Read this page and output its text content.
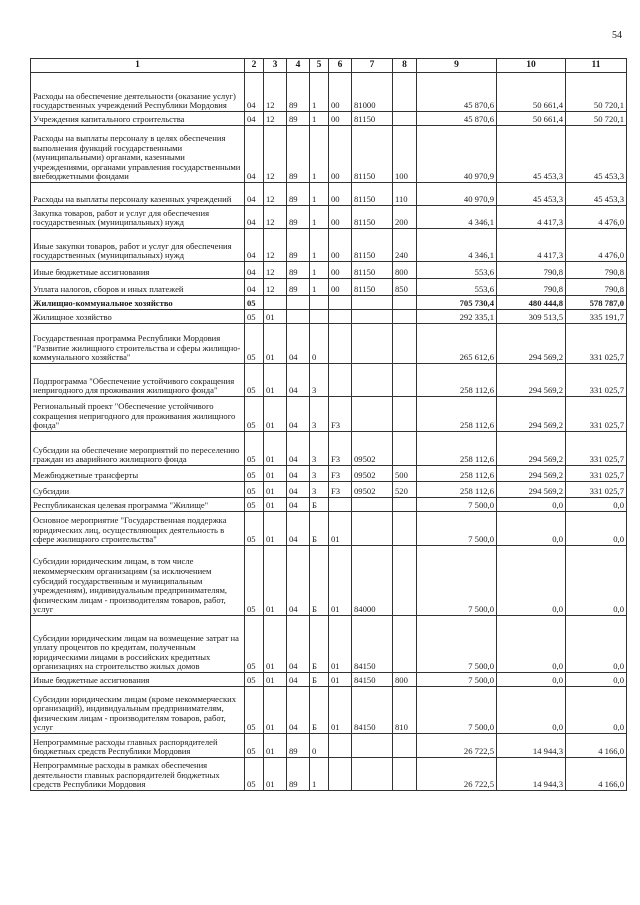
54
1	2	3	4	5	6	7	8	9	10	11
Расходы на обеспечение деятельности (оказание услуг) государственных учреждений Республики Мордовия	04	12	89	1	00	81000		45 870,6	50 661,4	50 720,1
Учреждения капитального строительства	04	12	89	1	00	81150		45 870,6	50 661,4	50 720,1
Расходы на выплаты персоналу в целях обеспечения выполнения функций государственными (муниципальными) органами, казенными учреждениями, органами управления государственными внебюджетными фондами	04	12	89	1	00	81150	100	40 970,9	45 453,3	45 453,3
Расходы на выплаты персоналу казенных учреждений	04	12	89	1	00	81150	110	40 970,9	45 453,3	45 453,3
Закупка товаров, работ и услуг для обеспечения государственных (муниципальных) нужд	04	12	89	1	00	81150	200	4 346,1	4 417,3	4 476,0
Иные закупки товаров, работ и услуг для обеспечения государственных (муниципальных) нужд	04	12	89	1	00	81150	240	4 346,1	4 417,3	4 476,0
Иные бюджетные ассигнования	04	12	89	1	00	81150	800	553,6	790,8	790,8
Уплата налогов, сборов и иных платежей	04	12	89	1	00	81150	850	553,6	790,8	790,8
Жилищно-коммунальное хозяйство	05							705 730,4	480 444,8	578 787,0
Жилищное хозяйство	05	01						292 335,1	309 513,5	335 191,7
Государственная программа Республики Мордовия "Развитие жилищного строительства и сферы жилищно-коммунального хозяйства"	05	01	04	0				265 612,6	294 569,2	331 025,7
Подпрограмма "Обеспечение устойчивого сокращения непригодного для проживания жилищного фонда"	05	01	04	3				258 112,6	294 569,2	331 025,7
Региональный проект "Обеспечение устойчивого сокращения непригодного для проживания жилищного фонда"	05	01	04	3	F3			258 112,6	294 569,2	331 025,7
Субсидии на обеспечение мероприятий по переселению граждан из аварийного жилищного фонда	05	01	04	3	F3	09502		258 112,6	294 569,2	331 025,7
Межбюджетные трансферты	05	01	04	3	F3	09502	500	258 112,6	294 569,2	331 025,7
Субсидии	05	01	04	3	F3	09502	520	258 112,6	294 569,2	331 025,7
Республиканская целевая программа "Жилище"	05	01	04	Б				7 500,0	0,0	0,0
Основное мероприятие "Государственная поддержка юридических лиц, осуществляющих деятельность в сфере жилищного строительства"	05	01	04	Б	01			7 500,0	0,0	0,0
Субсидии юридическим лицам, в том числе некоммерческим организациям (за исключением субсидий государственным и муниципальным учреждениям), индивидуальным предпринимателям, физическим лицам - производителям товаров, работ, услуг	05	01	04	Б	01	84000		7 500,0	0,0	0,0
Субсидии юридическим лицам на возмещение затрат на уплату процентов по кредитам, полученным юридическими лицами в российских кредитных организациях на строительство жилых домов	05	01	04	Б	01	84150		7 500,0	0,0	0,0
Иные бюджетные ассигнования	05	01	04	Б	01	84150	800	7 500,0	0,0	0,0
Субсидии юридическим лицам (кроме некоммерческих организаций), индивидуальным предпринимателям, физическим лицам - производителям товаров, работ, услуг	05	01	04	Б	01	84150	810	7 500,0	0,0	0,0
Непрограммные расходы главных распорядителей бюджетных средств Республики Мордовия	05	01	89	0				26 722,5	14 944,3	4 166,0
Непрограммные расходы в рамках обеспечения деятельности главных распорядителей бюджетных средств Республики Мордовия	05	01	89	1				26 722,5	14 944,3	4 166,0
